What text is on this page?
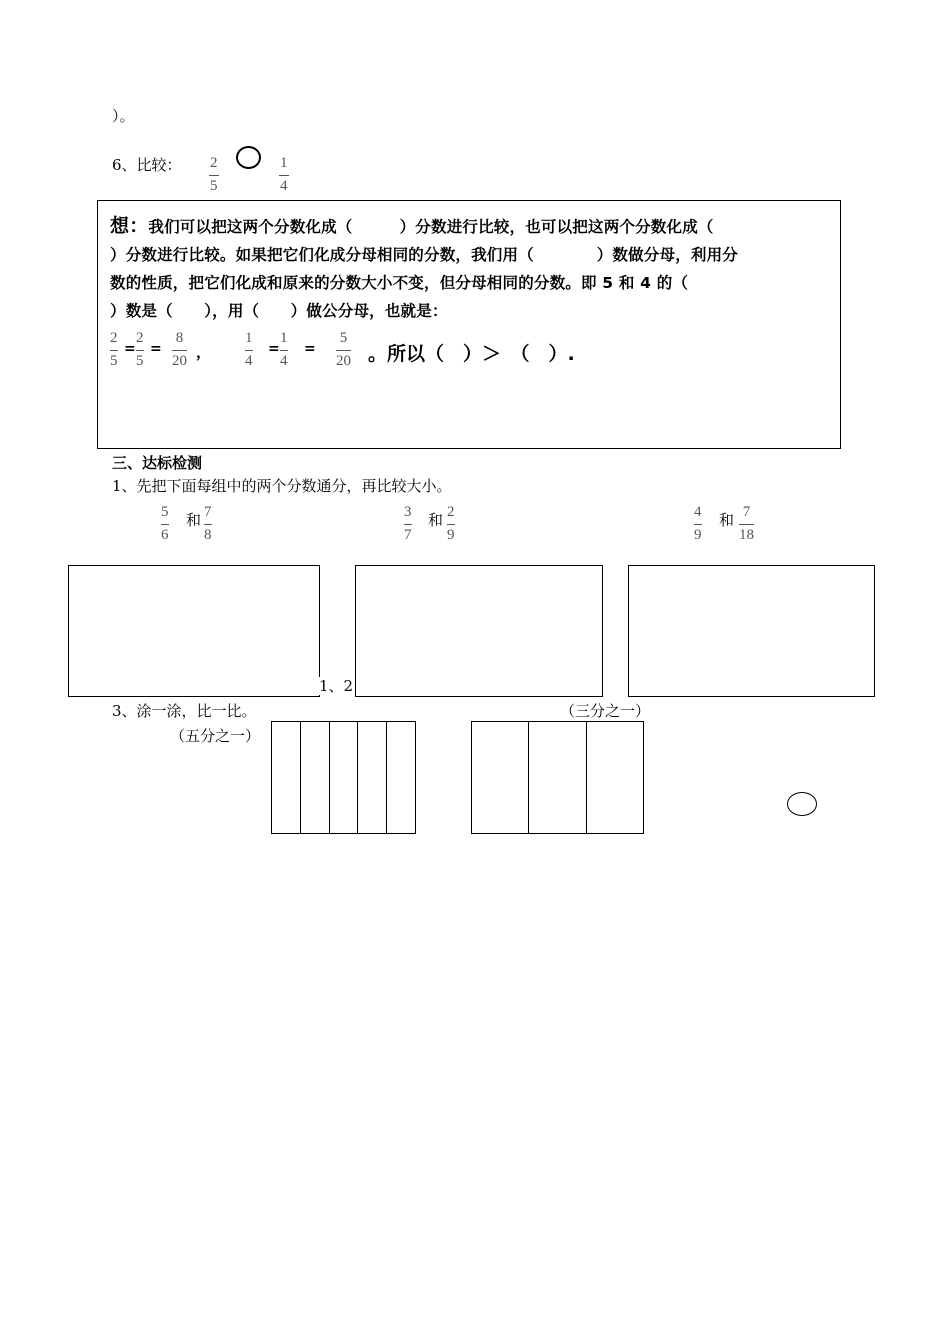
）。
6、比较： 2
5
1
4
想：我们可以把这两个分数化成（　　　）分数进行比较，也可以把这两个分数化成（
）分数进行比较。如果把它们化成分母相同的分数，我们用（　　　　）数做分母，利用分
数的性质，把它们化成和原来的分数大小不变，但分母相同的分数。即 5 和 4 的（
）数是（　　），用（　　）做公分母，也就是：
2
5
=
2
5
=
8
20 ，
1
4
=
1
4
=
5
20 。所以（　）＞　（　）.
三、达标检测
1、先把下面每组中的两个分数通分，再比较大小。
5
6
和 7
8
3
7
和 2
9
4
9
和 7
18
1、2
3、涂一涂，比一比。	（三分之一）
（五分之一）
